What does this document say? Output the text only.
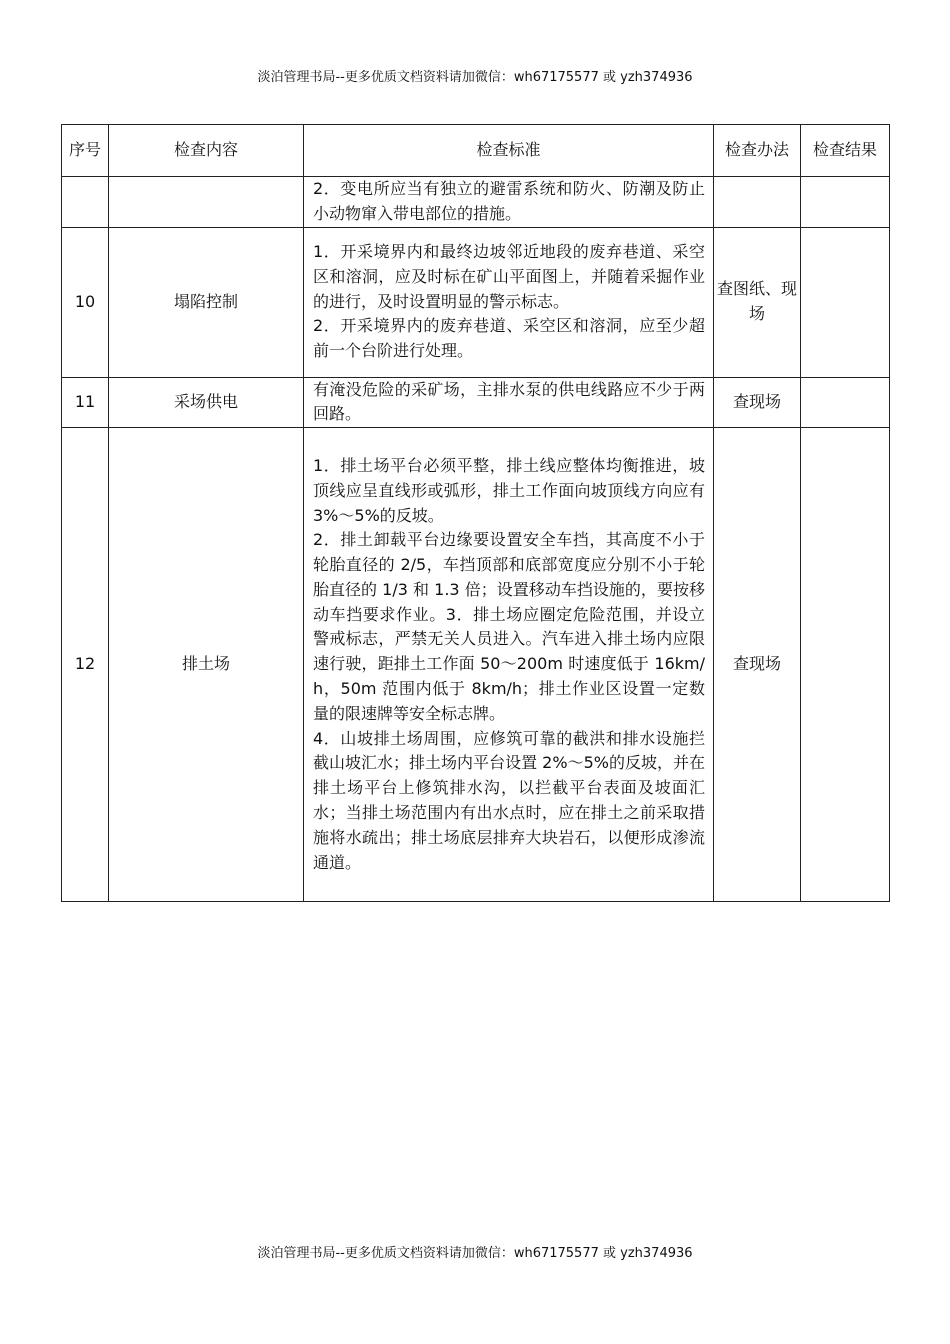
淡泊管理书局--更多优质文档资料请加微信：wh67175577 或 yzh374936
序号	检查内容	检查标准	检查办法	检查结果

		2．变电所应当有独立的避雷系统和防火、防潮及防止小动物窜入带电部位的措施。		

10	塌陷控制	1．开采境界内和最终边坡邻近地段的废弃巷道、采空区和溶洞，应及时标在矿山平面图上，并随着采掘作业的进行，及时设置明显的警示标志。

2．开采境界内的废弃巷道、采空区和溶洞，应至少超前一个台阶进行处理。	查图纸、现场	
11	采场供电	有淹没危险的采矿场，主排水泵的供电线路应不少于两回路。	查现场	
12	排土场	1．排土场平台必须平整，排土线应整体均衡推进，坡顶线应呈直线形或弧形，排土工作面向坡顶线方向应有 3%～5%的反坡。

2．排土卸载平台边缘要设置安全车挡，其高度不小于轮胎直径的 2/5，车挡顶部和底部宽度应分别不小于轮胎直径的 1/3 和 1.3 倍；设置移动车挡设施的，要按移动车挡要求作业。3．排土场应圈定危险范围，并设立警戒标志，严禁无关人员进入。汽车进入排土场内应限速行驶，距排土工作面 50～200m 时速度低于 16km/h，50m 范围内低于 8km/h；排土作业区设置一定数量的限速牌等安全标志牌。

4．山坡排土场周围，应修筑可靠的截洪和排水设施拦截山坡汇水；排土场内平台设置 2%～5%的反坡，并在排土场平台上修筑排水沟，以拦截平台表面及坡面汇水；当排土场范围内有出水点时，应在排土之前采取措施将水疏出；排土场底层排弃大块岩石，以便形成渗流通道。	查现场	
淡泊管理书局--更多优质文档资料请加微信：wh67175577 或 yzh374936
